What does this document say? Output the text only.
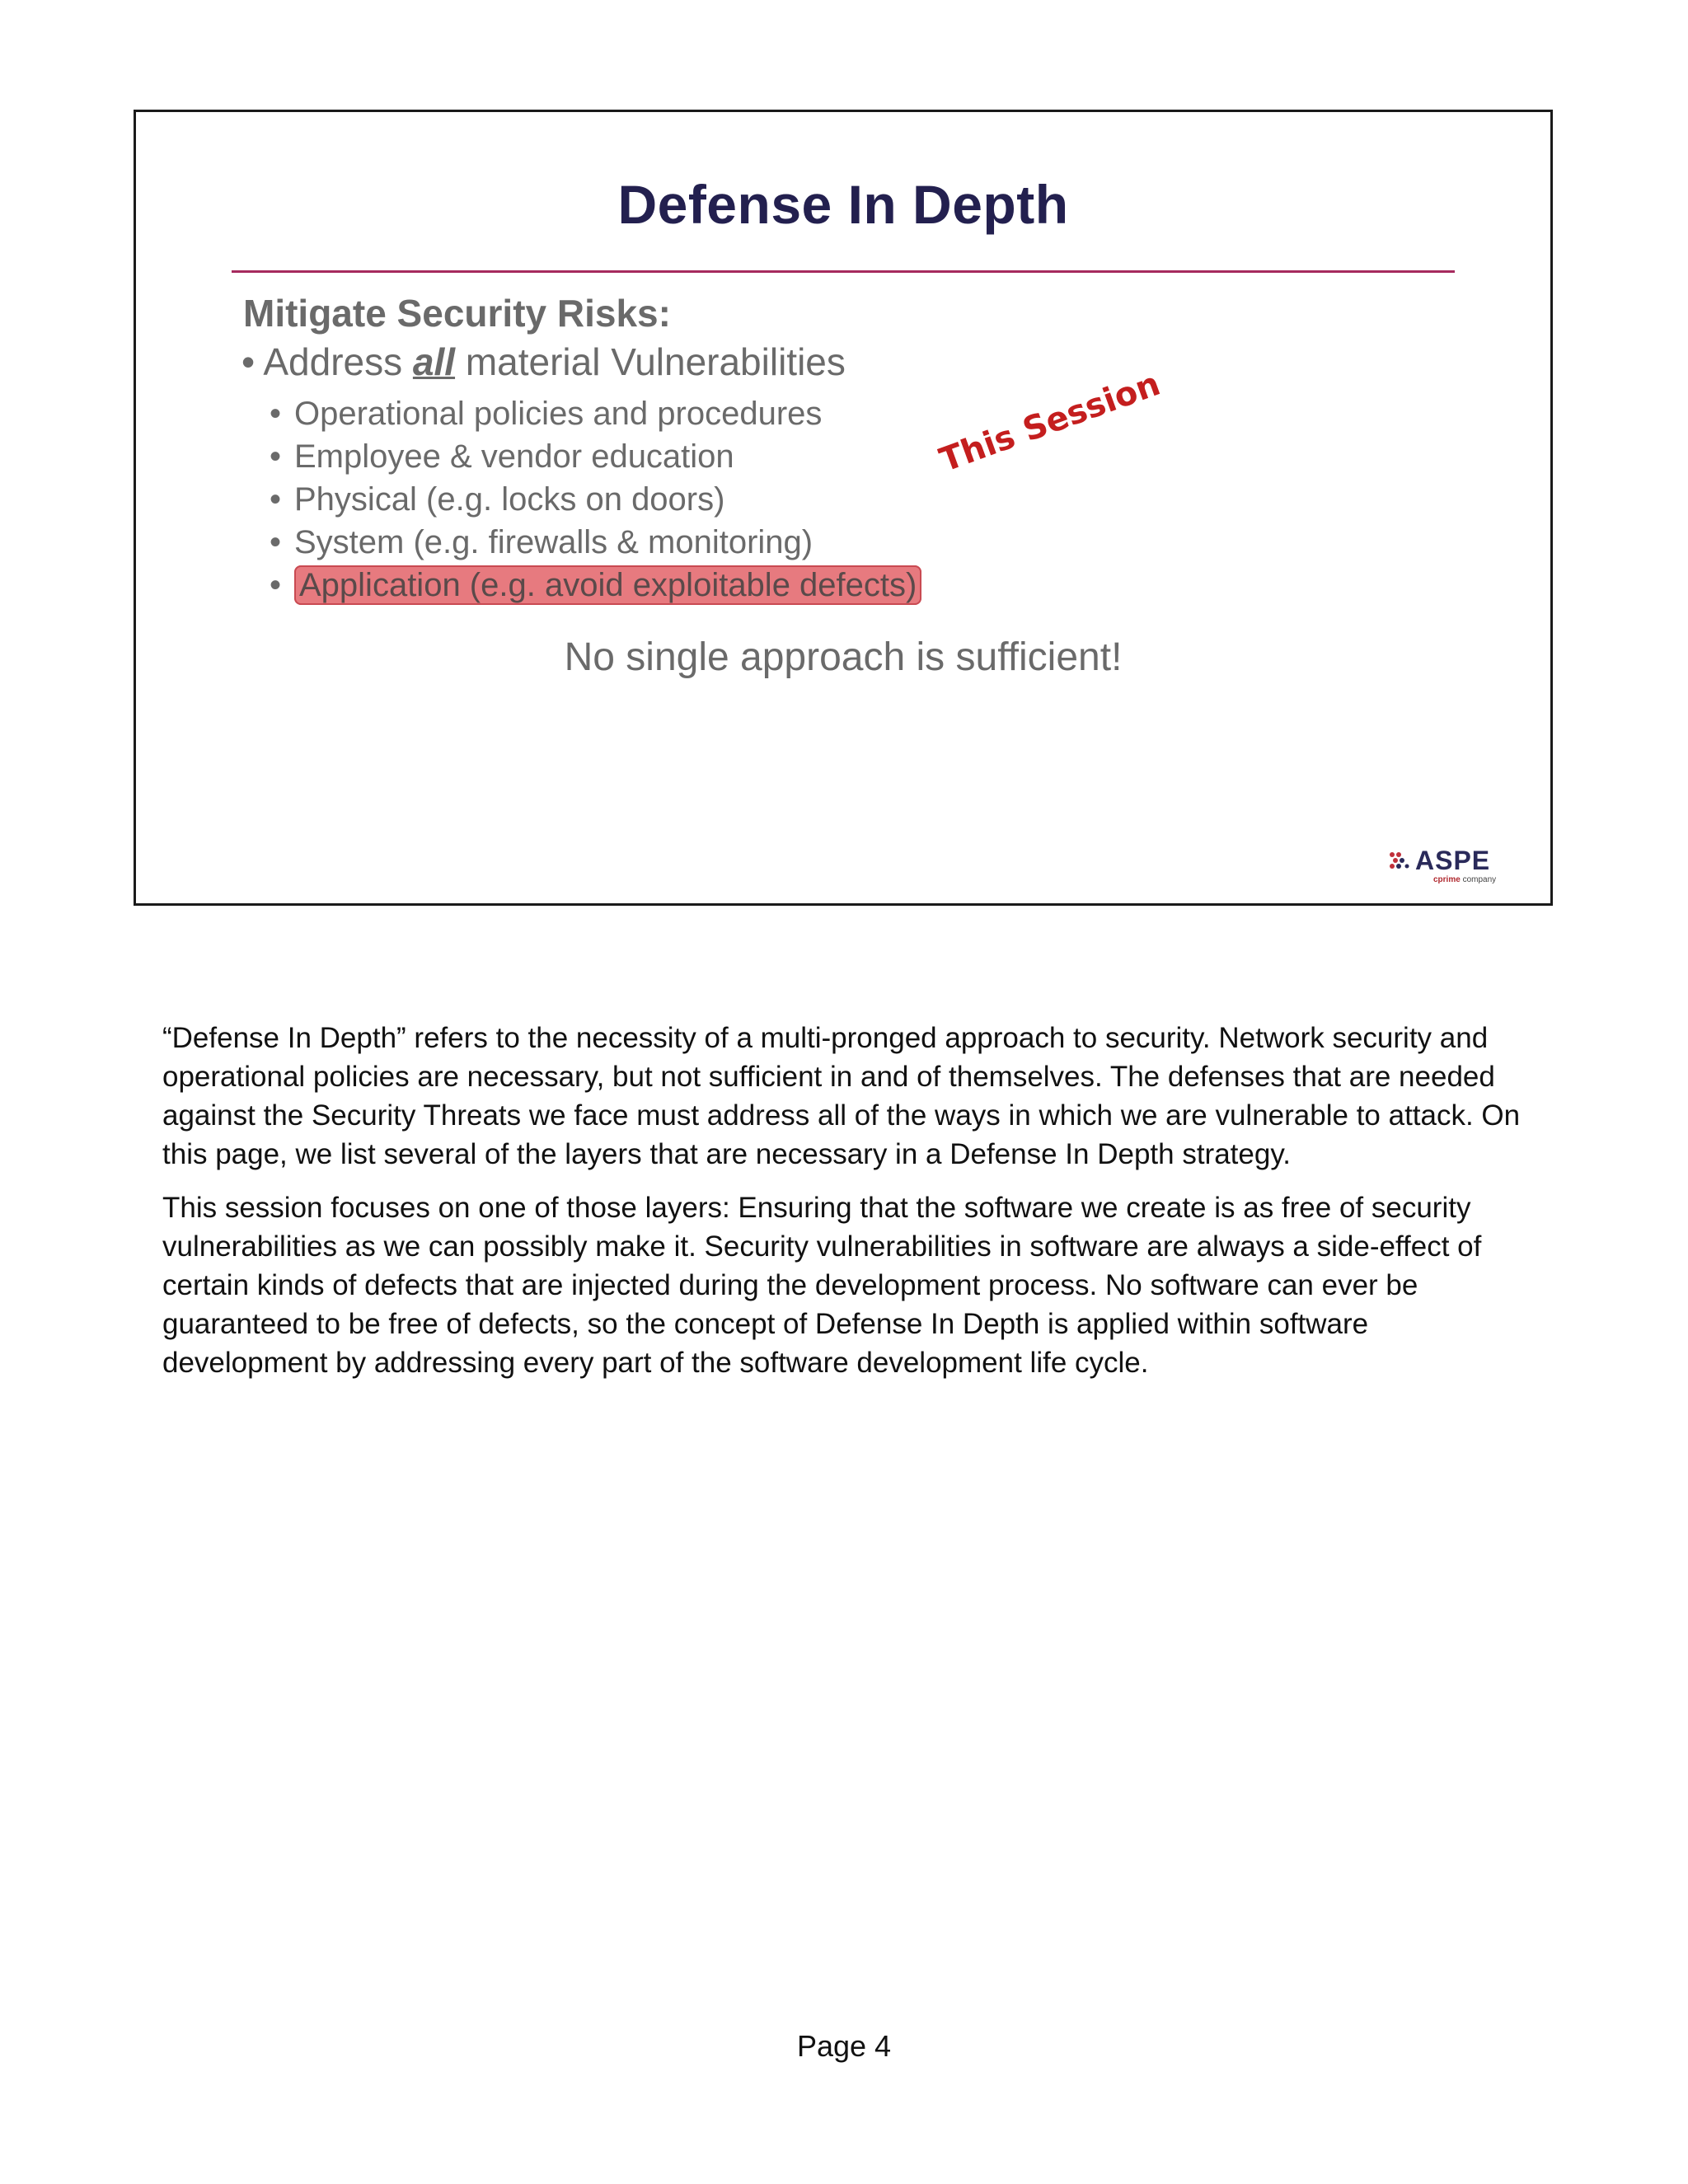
Defense In Depth
Mitigate Security Risks:
• Address all material Vulnerabilities
• Operational policies and procedures
• Employee & vendor education
• Physical (e.g. locks on doors)
• System (e.g. firewalls & monitoring)
• Application (e.g. avoid exploitable defects)
This Session
No single approach is sufficient!
ASPE
cprime company

“Defense In Depth” refers to the necessity of a multi-pronged approach to security. Network security and operational policies are necessary, but not sufficient in and of themselves. The defenses that are needed against the Security Threats we face must address all of the ways in which we are vulnerable to attack. On this page, we list several of the layers that are necessary in a Defense In Depth strategy.

This session focuses on one of those layers: Ensuring that the software we create is as free of security vulnerabilities as we can possibly make it. Security vulnerabilities in software are always a side-effect of certain kinds of defects that are injected during the development process. No software can ever be guaranteed to be free of defects, so the concept of Defense In Depth is applied within software development by addressing every part of the software development life cycle.

Page 4
